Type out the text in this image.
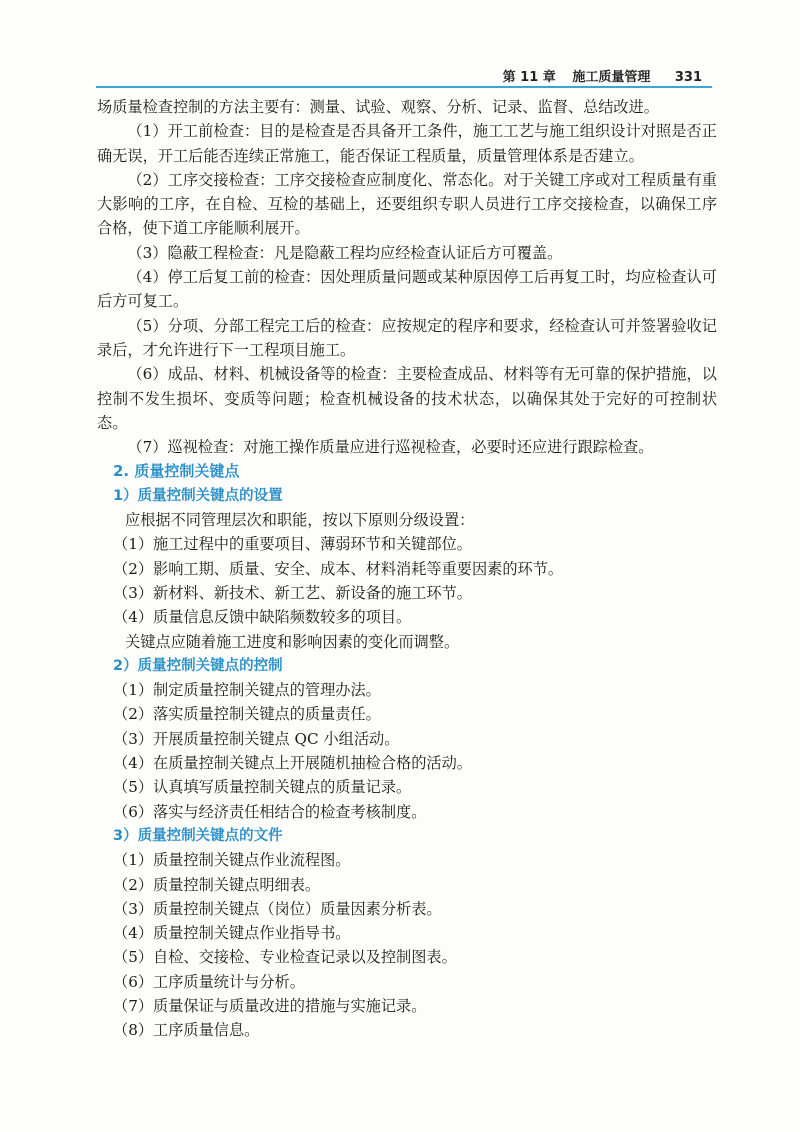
第 11 章 施工质量管理 331

场质量检查控制的方法主要有：测量、试验、观察、分析、记录、监督、总结改进。

（1）开工前检查：目的是检查是否具备开工条件，施工工艺与施工组织设计对照是否正确无误，开工后能否连续正常施工，能否保证工程质量，质量管理体系是否建立。

（2）工序交接检查：工序交接检查应制度化、常态化。对于关键工序或对工程质量有重大影响的工序，在自检、互检的基础上，还要组织专职人员进行工序交接检查，以确保工序合格，使下道工序能顺利展开。

（3）隐蔽工程检查：凡是隐蔽工程均应经检查认证后方可覆盖。

（4）停工后复工前的检查：因处理质量问题或某种原因停工后再复工时，均应检查认可后方可复工。

（5）分项、分部工程完工后的检查：应按规定的程序和要求，经检查认可并签署验收记录后，才允许进行下一工程项目施工。

（6）成品、材料、机械设备等的检查：主要检查成品、材料等有无可靠的保护措施，以控制不发生损坏、变质等问题；检查机械设备的技术状态，以确保其处于完好的可控制状态。

（7）巡视检查：对施工操作质量应进行巡视检查，必要时还应进行跟踪检查。

2. 质量控制关键点

1）质量控制关键点的设置

应根据不同管理层次和职能，按以下原则分级设置：

（1）施工过程中的重要项目、薄弱环节和关键部位。

（2）影响工期、质量、安全、成本、材料消耗等重要因素的环节。

（3）新材料、新技术、新工艺、新设备的施工环节。

（4）质量信息反馈中缺陷频数较多的项目。

关键点应随着施工进度和影响因素的变化而调整。

2）质量控制关键点的控制

（1）制定质量控制关键点的管理办法。

（2）落实质量控制关键点的质量责任。

（3）开展质量控制关键点 QC 小组活动。

（4）在质量控制关键点上开展随机抽检合格的活动。

（5）认真填写质量控制关键点的质量记录。

（6）落实与经济责任相结合的检查考核制度。

3）质量控制关键点的文件

（1）质量控制关键点作业流程图。

（2）质量控制关键点明细表。

（3）质量控制关键点（岗位）质量因素分析表。

（4）质量控制关键点作业指导书。

（5）自检、交接检、专业检查记录以及控制图表。

（6）工序质量统计与分析。

（7）质量保证与质量改进的措施与实施记录。

（8）工序质量信息。
